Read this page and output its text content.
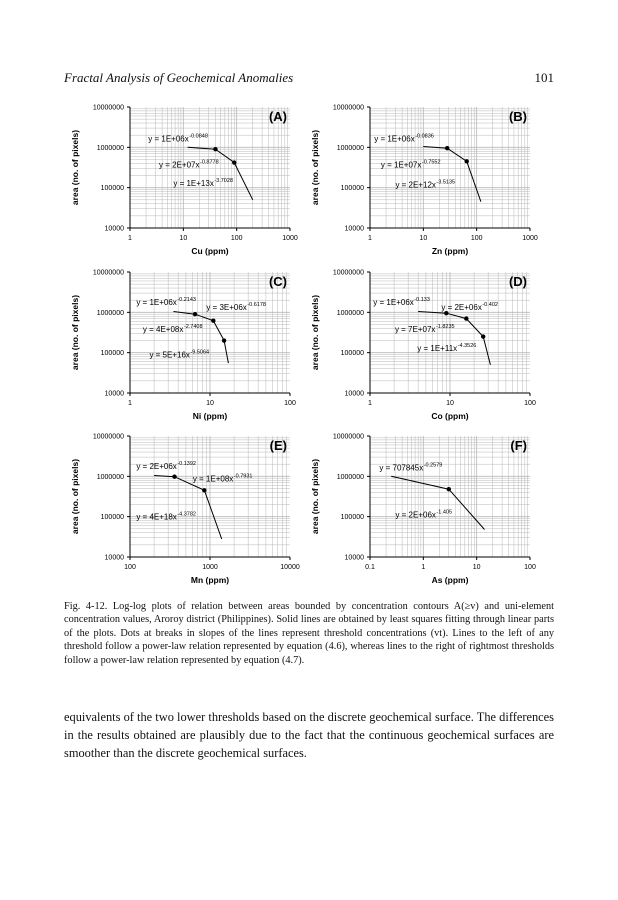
Fractal Analysis of Geochemical Anomalies	101
1	10	100	1000
10000
100000
1000000
10000000
Cu (ppm)
area (no. of pixels)
(A)
y = 1E+06x -0.0848
y = 2E+07x -0.8778
y = 1E+13x -3.7028
1	10	100	1000
10000
100000
1000000
10000000
Zn (ppm)
area (no. of pixels)
(B)
y = 1E+06x -0.0836
y = 1E+07x -0.7552
y = 2E+12x -3.5135
1	10	100
10000
100000
1000000
10000000
Ni (ppm)
area (no. of pixels)
(C)
y = 1E+06x -0.2143
y = 3E+06x -0.6178
y = 4E+08x -2.7408
y = 5E+16x -9.5064
1	10	100
10000
100000
1000000
10000000
Co (ppm)
area (no. of pixels)
(D)
y = 1E+06x -0.133
y = 2E+06x -0.402
y = 7E+07x -1.8235
y = 1E+11x -4.3526
100	1000	10000
10000
100000
1000000
10000000
Mn (ppm)
area (no. of pixels)
(E)
y = 2E+06x -0.1392
y = 1E+08x -0.7931
y = 4E+18x -4.3782
0.1	1	10	100
10000
100000
1000000
10000000
As (ppm)
area (no. of pixels)
(F)
y = 707845x -0.2579
y = 2E+06x -1.405
Fig. 4-12. Log-log plots of relation between areas bounded by concentration contours A(≥v) and uni-element concentration values, Aroroy district (Philippines). Solid lines are obtained by least squares fitting through linear parts of the plots. Dots at breaks in slopes of the lines represent threshold concentrations (vt). Lines to the left of any threshold follow a power-law relation represented by equation (4.6), whereas lines to the right of rightmost thresholds follow a power-law relation represented by equation (4.7).
equivalents of the two lower thresholds based on the discrete geochemical surface. The differences in the results obtained are plausibly due to the fact that the continuous geochemical surfaces are smoother than the discrete geochemical surfaces.
